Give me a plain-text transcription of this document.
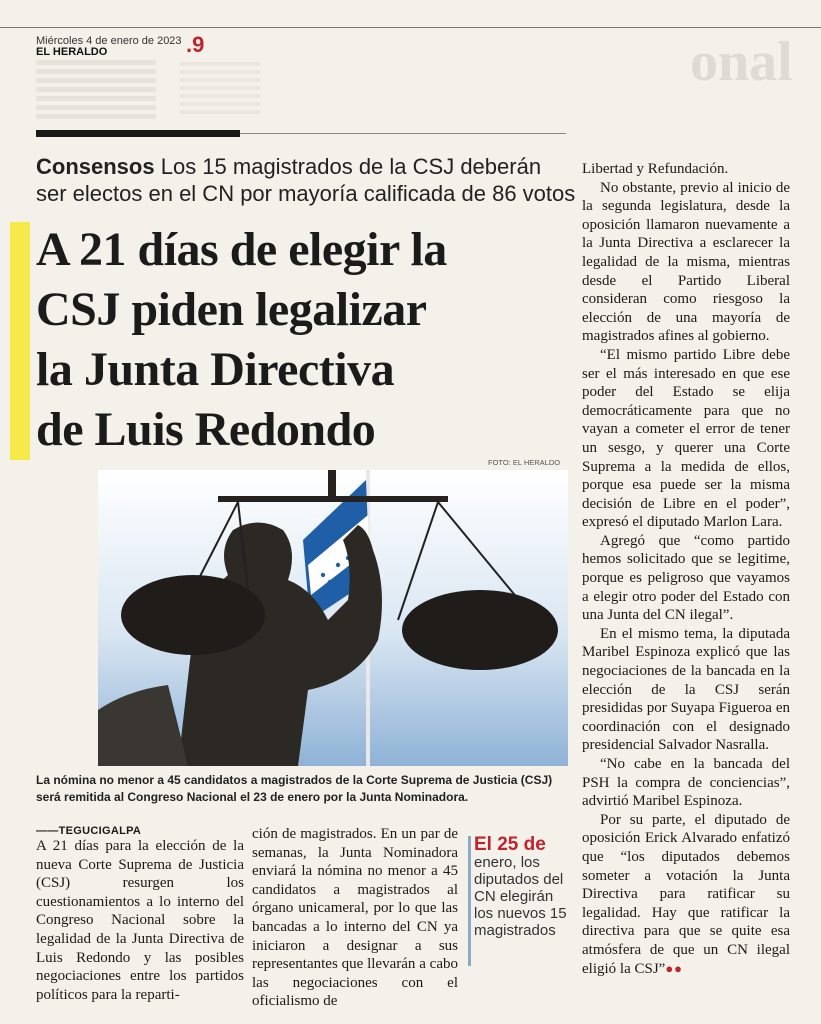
Miércoles 4 de enero de 2023
EL HERALDO	.9	onal
Consensos Los 15 magistrados de la CSJ deberán ser electos en el CN por mayoría calificada de 86 votos
A 21 días de elegir la
CSJ piden legalizar
la Junta Directiva
de Luis Redondo
FOTO: EL HERALDO
La nómina no menor a 45 candidatos a magistrados de la Corte Suprema de Justicia (CSJ) será remitida al Congreso Nacional el 23 de enero por la Junta Nominadora.
——TEGUCIGALPA

A 21 días para la elección de la nueva Corte Suprema de Justicia (CSJ) resurgen los cuestionamientos a lo interno del Congreso Nacional sobre la legalidad de la Junta Directiva de Luis Redondo y las posibles negociaciones entre los partidos políticos para la reparti-

ción de magistrados. En un par de semanas, la Junta Nominadora enviará la nómina no menor a 45 candidatos a magistrados al órgano unicameral, por lo que las bancadas a lo interno del CN ya iniciaron a designar a sus representantes que llevarán a cabo las negociaciones con el oficialismo de

El 25 de enero, los diputados del CN elegirán los nuevos 15 magistrados

Libertad y Refundación.

No obstante, previo al inicio de la segunda legislatura, desde la oposición llamaron nuevamente a la Junta Directiva a esclarecer la legalidad de la misma, mientras desde el Partido Liberal consideran como riesgoso la elección de una mayoría de magistrados afines al gobierno.

“El mismo partido Libre debe ser el más interesado en que ese poder del Estado se elija democráticamente para que no vayan a cometer el error de tener un sesgo, y querer una Corte Suprema a la medida de ellos, porque esa puede ser la misma decisión de Libre en el poder”, expresó el diputado Marlon Lara.

Agregó que “como partido hemos solicitado que se legitime, porque es peligroso que vayamos a elegir otro poder del Estado con una Junta del CN ilegal”.

En el mismo tema, la diputada Maribel Espinoza explicó que las negociaciones de la bancada en la elección de la CSJ serán presididas por Suyapa Figueroa en coordinación con el designado presidencial Salvador Nasralla.

“No cabe en la bancada del PSH la compra de conciencias”, advirtió Maribel Espinoza.

Por su parte, el diputado de oposición Erick Alvarado enfatizó que “los diputados debemos someter a votación la Junta Directiva para ratificar su legalidad. Hay que ratificar la directiva para que se quite esa atmósfera de que un CN ilegal eligió la CSJ”●●
